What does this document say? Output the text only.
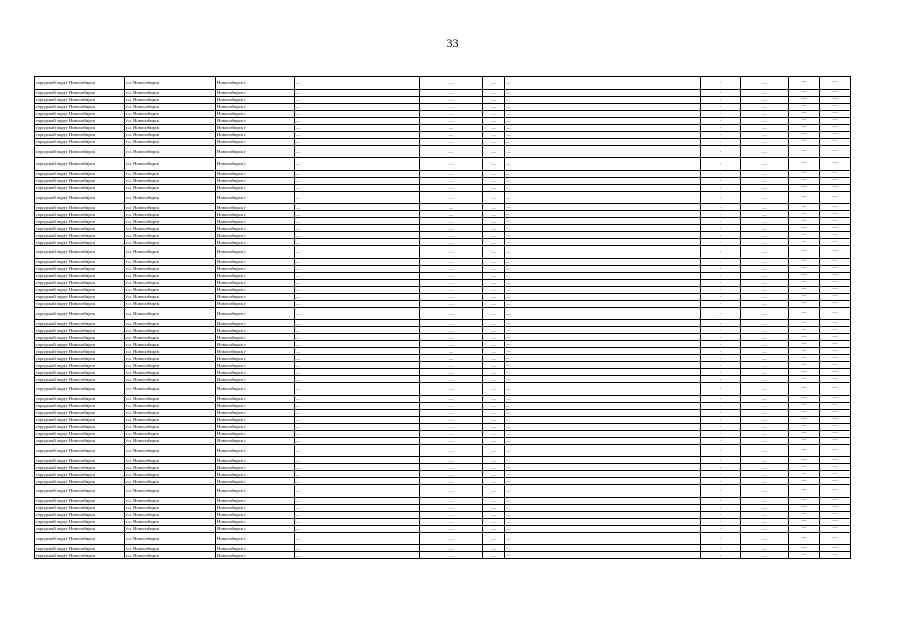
33
городской округ Новосибирск	г.о. Новосибирск	Новосибирск г	—	—	—	—	-	—	—	—
городской округ Новосибирск	г.о. Новосибирск	Новосибирск г	—	—	—	—	-	—	—	—
городской округ Новосибирск	г.о. Новосибирск	Новосибирск г	—	—	—	—	-	—	—	—
городской округ Новосибирск	г.о. Новосибирск	Новосибирск г	—	—	—	—	-	—	—	—
городской округ Новосибирск	г.о. Новосибирск	Новосибирск г	—	—	—	—	-	—	—	—
городской округ Новосибирск	г.о. Новосибирск	Новосибирск г	—	—	—	—	-	—	—	—
городской округ Новосибирск	г.о. Новосибирск	Новосибирск г	—	—	—	—	-	—	—	—
городской округ Новосибирск	г.о. Новосибирск	Новосибирск г	—	—	—	—	-	—	—	—
городской округ Новосибирск	г.о. Новосибирск	Новосибирск г	—	—	—	—	-	—	—	—
городской округ Новосибирск	г.о. Новосибирск	Новосибирск г	—	—	—	—	-	—	—	—
городской округ Новосибирск	г.о. Новосибирск	Новосибирск г	—	—	—	—	-	—	—	—
городской округ Новосибирск	г.о. Новосибирск	Новосибирск г	—	—	—	—	-	—	—	—
городской округ Новосибирск	г.о. Новосибирск	Новосибирск г	—	—	—	—	-	—	—	—
городской округ Новосибирск	г.о. Новосибирск	Новосибирск г	—	—	—	—	-	—	—	—
городской округ Новосибирск	г.о. Новосибирск	Новосибирск г	—	—	—	—	-	—	—	—
городской округ Новосибирск	г.о. Новосибирск	Новосибирск г	—	—	—	—	-	—	—	—
городской округ Новосибирск	г.о. Новосибирск	Новосибирск г	—	—	—	—	-	—	—	—
городской округ Новосибирск	г.о. Новосибирск	Новосибирск г	—	—	—	—	-	—	—	—
городской округ Новосибирск	г.о. Новосибирск	Новосибирск г	—	—	—	—	-	—	—	—
городской округ Новосибирск	г.о. Новосибирск	Новосибирск г	—	—	—	—	-	—	—	—
городской округ Новосибирск	г.о. Новосибирск	Новосибирск г	—	—	—	—	-	—	—	—
городской округ Новосибирск	г.о. Новосибирск	Новосибирск г	—	—	—	—	-	—	—	—
городской округ Новосибирск	г.о. Новосибирск	Новосибирск г	—	—	—	—	-	—	—	—
городской округ Новосибирск	г.о. Новосибирск	Новосибирск г	—	—	—	—	-	—	—	—
городской округ Новосибирск	г.о. Новосибирск	Новосибирск г	—	—	—	—	-	—	—	—
городской округ Новосибирск	г.о. Новосибирск	Новосибирск г	—	—	—	—	-	—	—	—
городской округ Новосибирск	г.о. Новосибирск	Новосибирск г	—	—	—	—	-	—	—	—
городской округ Новосибирск	г.о. Новосибирск	Новосибирск г	—	—	—	—	-	—	—	—
городской округ Новосибирск	г.о. Новосибирск	Новосибирск г	—	—	—	—	-	—	—	—
городской округ Новосибирск	г.о. Новосибирск	Новосибирск г	—	—	—	—	-	—	—	—
городской округ Новосибирск	г.о. Новосибирск	Новосибирск г	—	—	—	—	-	—	—	—
городской округ Новосибирск	г.о. Новосибирск	Новосибирск г	—	—	—	—	-	—	—	—
городской округ Новосибирск	г.о. Новосибирск	Новосибирск г	—	—	—	—	-	—	—	—
городской округ Новосибирск	г.о. Новосибирск	Новосибирск г	—	—	—	—	-	—	—	—
городской округ Новосибирск	г.о. Новосибирск	Новосибирск г	—	—	—	—	-	—	—	—
городской округ Новосибирск	г.о. Новосибирск	Новосибирск г	—	—	—	—	-	—	—	—
городской округ Новосибирск	г.о. Новосибирск	Новосибирск г	—	—	—	—	-	—	—	—
городской округ Новосибирск	г.о. Новосибирск	Новосибирск г	—	—	—	—	-	—	—	—
городской округ Новосибирск	г.о. Новосибирск	Новосибирск г	—	—	—	—	-	—	—	—
городской округ Новосибирск	г.о. Новосибирск	Новосибирск г	—	—	—	—	-	—	—	—
городской округ Новосибирск	г.о. Новосибирск	Новосибирск г	—	—	—	—	-	—	—	—
городской округ Новосибирск	г.о. Новосибирск	Новосибирск г	—	—	—	—	-	—	—	—
городской округ Новосибирск	г.о. Новосибирск	Новосибирск г	—	—	—	—	-	—	—	—
городской округ Новосибирск	г.о. Новосибирск	Новосибирск г	—	—	—	—	-	—	—	—
городской округ Новосибирск	г.о. Новосибирск	Новосибирск г	—	—	—	—	-	—	—	—
городской округ Новосибирск	г.о. Новосибирск	Новосибирск г	—	—	—	—	-	—	—	—
городской округ Новосибирск	г.о. Новосибирск	Новосибирск г	—	—	—	—	-	—	—	—
городской округ Новосибирск	г.о. Новосибирск	Новосибирск г	—	—	—	—	-	—	—	—
городской округ Новосибирск	г.о. Новосибирск	Новосибирск г	—	—	—	—	-	—	—	—
городской округ Новосибирск	г.о. Новосибирск	Новосибирск г	—	—	—	—	-	—	—	—
городской округ Новосибирск	г.о. Новосибирск	Новосибирск г	—	—	—	—	-	—	—	—
городской округ Новосибирск	г.о. Новосибирск	Новосибирск г	—	—	—	—	-	—	—	—
городской округ Новосибирск	г.о. Новосибирск	Новосибирск г	—	—	—	—	-	—	—	—
городской округ Новосибирск	г.о. Новосибирск	Новосибирск г	—	—	—	—	-	—	—	—
городской округ Новосибирск	г.о. Новосибирск	Новосибирск г	—	—	—	—	-	—	—	—
городской округ Новосибирск	г.о. Новосибирск	Новосибирск г	—	—	—	—	-	—	—	—
городской округ Новосибирск	г.о. Новосибирск	Новосибирск г	—	—	—	—	-	—	—	—
городской округ Новосибирск	г.о. Новосибирск	Новосибирск г	—	—	—	—	-	—	—	—
городской округ Новосибирск	г.о. Новосибирск	Новосибирск г	—	—	—	—	-	—	—	—
городской округ Новосибирск	г.о. Новосибирск	Новосибирск г	—	—	—	—	-	—	—	—
городской округ Новосибирск	г.о. Новосибирск	Новосибирск г	—	—	—	—	-	—	—	—
